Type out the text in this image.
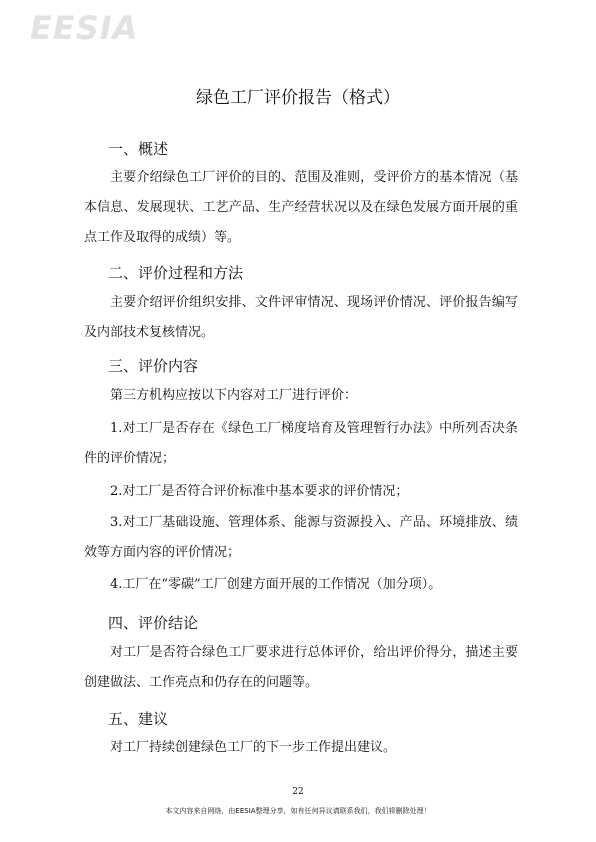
EESIA
绿色工厂评价报告（格式）
一、概述
主要介绍绿色工厂评价的目的、范围及准则，受评价方的基本情况（基本信息、发展现状、工艺产品、生产经营状况以及在绿色发展方面开展的重点工作及取得的成绩）等。
二、评价过程和方法
主要介绍评价组织安排、文件评审情况、现场评价情况、评价报告编写及内部技术复核情况。
三、评价内容
第三方机构应按以下内容对工厂进行评价：
1.对工厂是否存在《绿色工厂梯度培育及管理暂行办法》中所列否决条件的评价情况；
2.对工厂是否符合评价标准中基本要求的评价情况；
3.对工厂基础设施、管理体系、能源与资源投入、产品、环境排放、绩效等方面内容的评价情况；
4.工厂在“零碳”工厂创建方面开展的工作情况（加分项）。
四、评价结论
对工厂是否符合绿色工厂要求进行总体评价，给出评价得分，描述主要创建做法、工作亮点和仍存在的问题等。
五、建议
对工厂持续创建绿色工厂的下一步工作提出建议。
22
本文内容来自网络，由EESIA整理分享，如有任何异议请联系我们，我们将删除处理！
